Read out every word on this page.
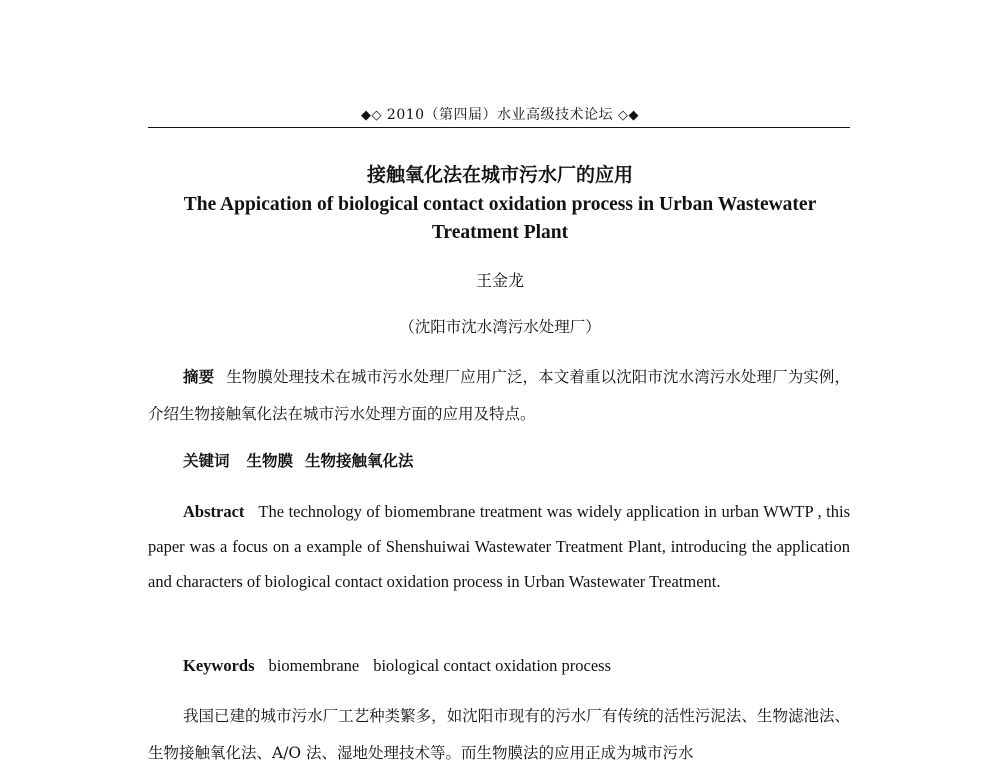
◆◇ 2010（第四届）水业高级技术论坛 ◇◆
接触氧化法在城市污水厂的应用
The Appication of biological contact oxidation process in Urban Wastewater Treatment Plant
王金龙
（沈阳市沈水湾污水处理厂）
摘要 生物膜处理技术在城市污水处理厂应用广泛，本文着重以沈阳市沈水湾污水处理厂为实例，介绍生物接触氧化法在城市污水处理方面的应用及特点。
关键词 生物膜 生物接触氧化法
Abstract The technology of biomembrane treatment was widely application in urban WWTP , this paper was a focus on a example of Shenshuiwai Wastewater Treatment Plant, introducing the application and characters of biological contact oxidation process in Urban Wastewater Treatment.
Keywords biomembrane biological contact oxidation process
我国已建的城市污水厂工艺种类繁多，如沈阳市现有的污水厂有传统的活性污泥法、生物滤池法、生物接触氧化法、A/O 法、湿地处理技术等。而生物膜法的应用正成为城市污水
